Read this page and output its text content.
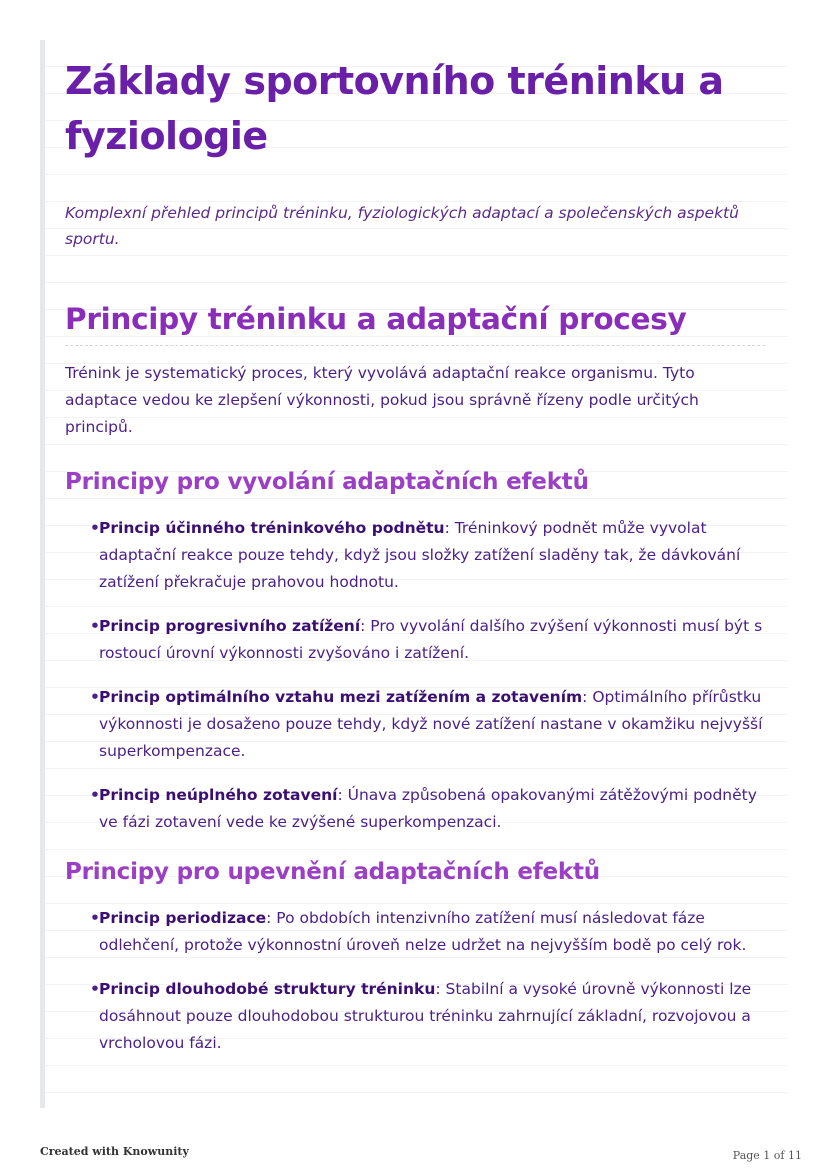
Základy sportovního tréninku a fyziologie

Komplexní přehled principů tréninku, fyziologických adaptací a společenských aspektů sportu.

Principy tréninku a adaptační procesy

Trénink je systematický proces, který vyvolává adaptační reakce organismu. Tyto adaptace vedou ke zlepšení výkonnosti, pokud jsou správně řízeny podle určitých principů.

Principy pro vyvolání adaptačních efektů
• Princip účinného tréninkového podnětu: Tréninkový podnět může vyvolat adaptační reakce pouze tehdy, když jsou složky zatížení sladěny tak, že dávkování zatížení překračuje prahovou hodnotu.
• Princip progresivního zatížení: Pro vyvolání dalšího zvýšení výkonnosti musí být s rostoucí úrovní výkonnosti zvyšováno i zatížení.
• Princip optimálního vztahu mezi zatížením a zotavením: Optimálního přírůstku výkonnosti je dosaženo pouze tehdy, když nové zatížení nastane v okamžiku nejvyšší superkompenzace.
• Princip neúplného zotavení: Únava způsobená opakovanými zátěžovými podněty ve fázi zotavení vede ke zvýšené superkompenzaci.
Principy pro upevnění adaptačních efektů
• Princip periodizace: Po obdobích intenzivního zatížení musí následovat fáze odlehčení, protože výkonnostní úroveň nelze udržet na nejvyšším bodě po celý rok.
• Princip dlouhodobé struktury tréninku: Stabilní a vysoké úrovně výkonnosti lze dosáhnout pouze dlouhodobou strukturou tréninku zahrnující základní, rozvojovou a vrcholovou fázi.
Created with Knowunity	Page 1 of 11
